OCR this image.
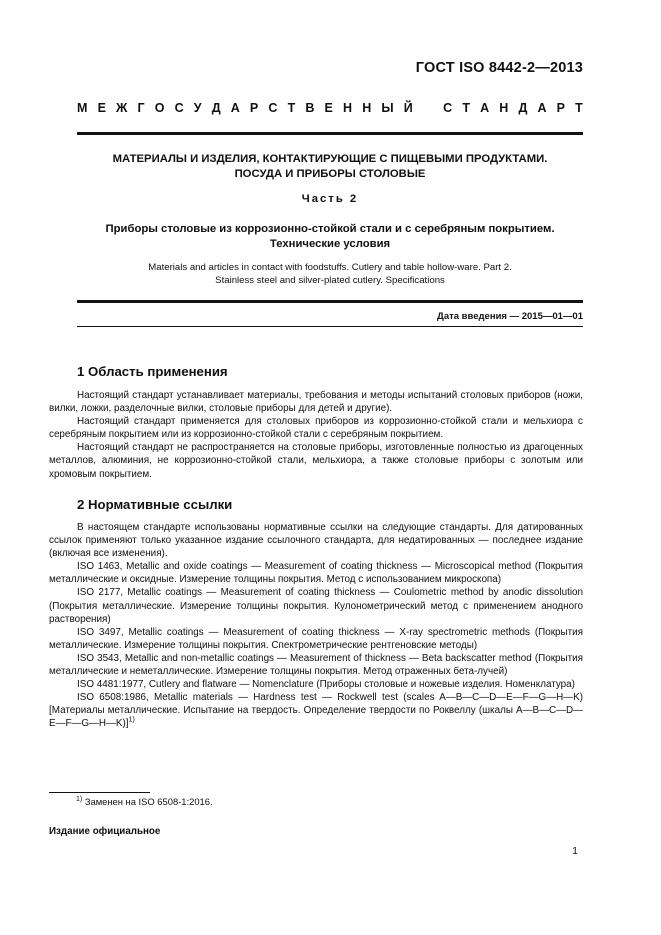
ГОСТ ISO 8442-2—2013
М Е Ж Г О С У Д А Р С Т В Е Н Н Ы Й С Т А Н Д А Р Т
МАТЕРИАЛЫ И ИЗДЕЛИЯ, КОНТАКТИРУЮЩИЕ С ПИЩЕВЫМИ ПРОДУКТАМИ.
ПОСУДА И ПРИБОРЫ СТОЛОВЫЕ
Часть 2
Приборы столовые из коррозионно-стойкой стали и с серебряным покрытием.
Технические условия
Materials and articles in contact with foodstuffs. Cutlery and table hollow-ware. Part 2.
Stainless steel and silver-plated cutlery. Specifications
Дата введения — 2015—01—01
1 Область применения

Настоящий стандарт устанавливает материалы, требования и методы испытаний столовых приборов (ножи, вилки, ложки, разделочные вилки, столовые приборы для детей и другие).

Настоящий стандарт применяется для столовых приборов из коррозионно-стойкой стали и мельхиора с серебряным покрытием или из коррозионно-стойкой стали с серебряным покрытием.

Настоящий стандарт не распространяется на столовые приборы, изготовленные полностью из драгоценных металлов, алюминия, не коррозионно-стойкой стали, мельхиора, а также столовые приборы с золотым или хромовым покрытием.

2 Нормативные ссылки

В настоящем стандарте использованы нормативные ссылки на следующие стандарты. Для датированных ссылок применяют только указанное издание ссылочного стандарта, для недатированных — последнее издание (включая все изменения).

ISO 1463, Metallic and oxide coatings — Measurement of coating thickness — Microscopical method (Покрытия металлические и оксидные. Измерение толщины покрытия. Метод с использованием микроскопа)

ISO 2177, Metallic coatings — Measurement of coating thickness — Coulometric method by anodic dissolution (Покрытия металлические. Измерение толщины покрытия. Кулонометрический метод с применением анодного растворения)

ISO 3497, Metallic coatings — Measurement of coating thickness — X-ray spectrometric methods (Покрытия металлические. Измерение толщины покрытия. Спектрометрические рентгеновские методы)

ISO 3543, Metallic and non-metallic coatings — Measurement of thickness — Beta backscatter method (Покрытия металлические и неметаллические. Измерение толщины покрытия. Метод отраженных бета-лучей)

ISO 4481:1977, Cutlery and flatware — Nomenclature (Приборы столовые и ножевые изделия. Номенклатура)

ISO 6508:1986, Metallic materials — Hardness test — Rockwell test (scales A—B—C—D—E—F—G—H—K) [Материалы металлические. Испытание на твердость. Определение твердости по Роквеллу (шкалы A—B—C—D—E—F—G—H—K)]$^{1)}$

$^{1)}$ Заменен на ISO 6508-1:2016.
Издание официальное
1
